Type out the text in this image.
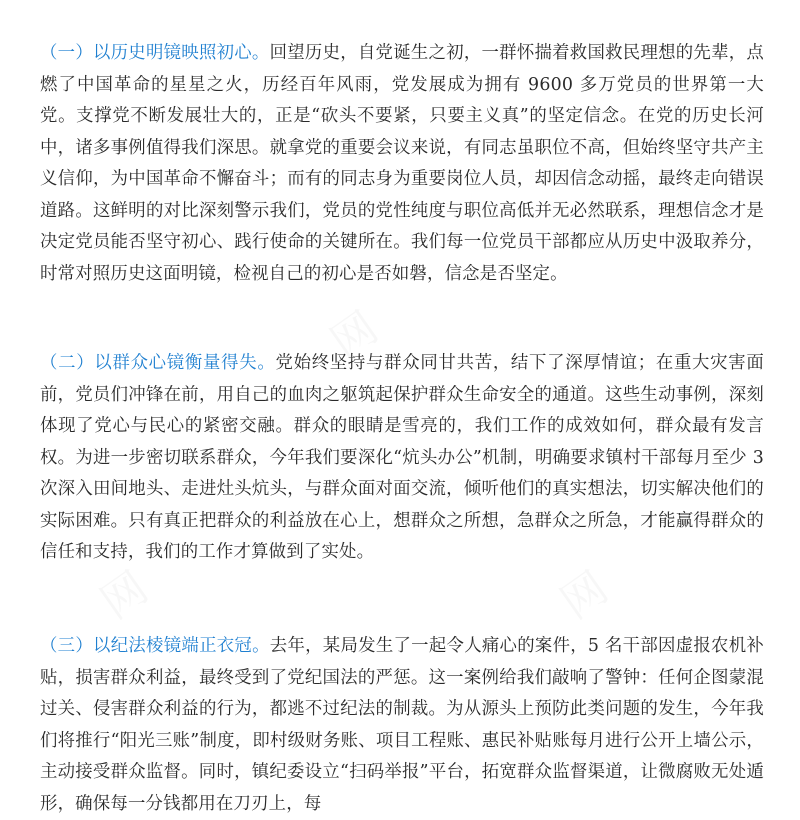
（一）以历史明镜映照初心。回望历史，自党诞生之初，一群怀揣着救国救民理想的先辈，点燃了中国革命的星星之火，历经百年风雨，党发展成为拥有 9600 多万党员的世界第一大党。支撑党不断发展壮大的，正是“砍头不要紧，只要主义真”的坚定信念。在党的历史长河中，诸多事例值得我们深思。就拿党的重要会议来说，有同志虽职位不高，但始终坚守共产主义信仰，为中国革命不懈奋斗；而有的同志身为重要岗位人员，却因信念动摇，最终走向错误道路。这鲜明的对比深刻警示我们，党员的党性纯度与职位高低并无必然联系，理想信念才是决定党员能否坚守初心、践行使命的关键所在。我们每一位党员干部都应从历史中汲取养分，时常对照历史这面明镜，检视自己的初心是否如磐，信念是否坚定。

（二）以群众心镜衡量得失。党始终坚持与群众同甘共苦，结下了深厚情谊；在重大灾害面前，党员们冲锋在前，用自己的血肉之躯筑起保护群众生命安全的通道。这些生动事例，深刻体现了党心与民心的紧密交融。群众的眼睛是雪亮的，我们工作的成效如何，群众最有发言权。为进一步密切联系群众，今年我们要深化“炕头办公”机制，明确要求镇村干部每月至少 3 次深入田间地头、走进灶头炕头，与群众面对面交流，倾听他们的真实想法，切实解决他们的实际困难。只有真正把群众的利益放在心上，想群众之所想，急群众之所急，才能赢得群众的信任和支持，我们的工作才算做到了实处。

（三）以纪法棱镜端正衣冠。去年，某局发生了一起令人痛心的案件，5 名干部因虚报农机补贴，损害群众利益，最终受到了党纪国法的严惩。这一案例给我们敲响了警钟：任何企图蒙混过关、侵害群众利益的行为，都逃不过纪法的制裁。为从源头上预防此类问题的发生，今年我们将推行“阳光三账”制度，即村级财务账、项目工程账、惠民补贴账每月进行公开上墙公示，主动接受群众监督。同时，镇纪委设立“扫码举报”平台，拓宽群众监督渠道，让微腐败无处遁形，确保每一分钱都用在刀刃上，每

网	网
网
